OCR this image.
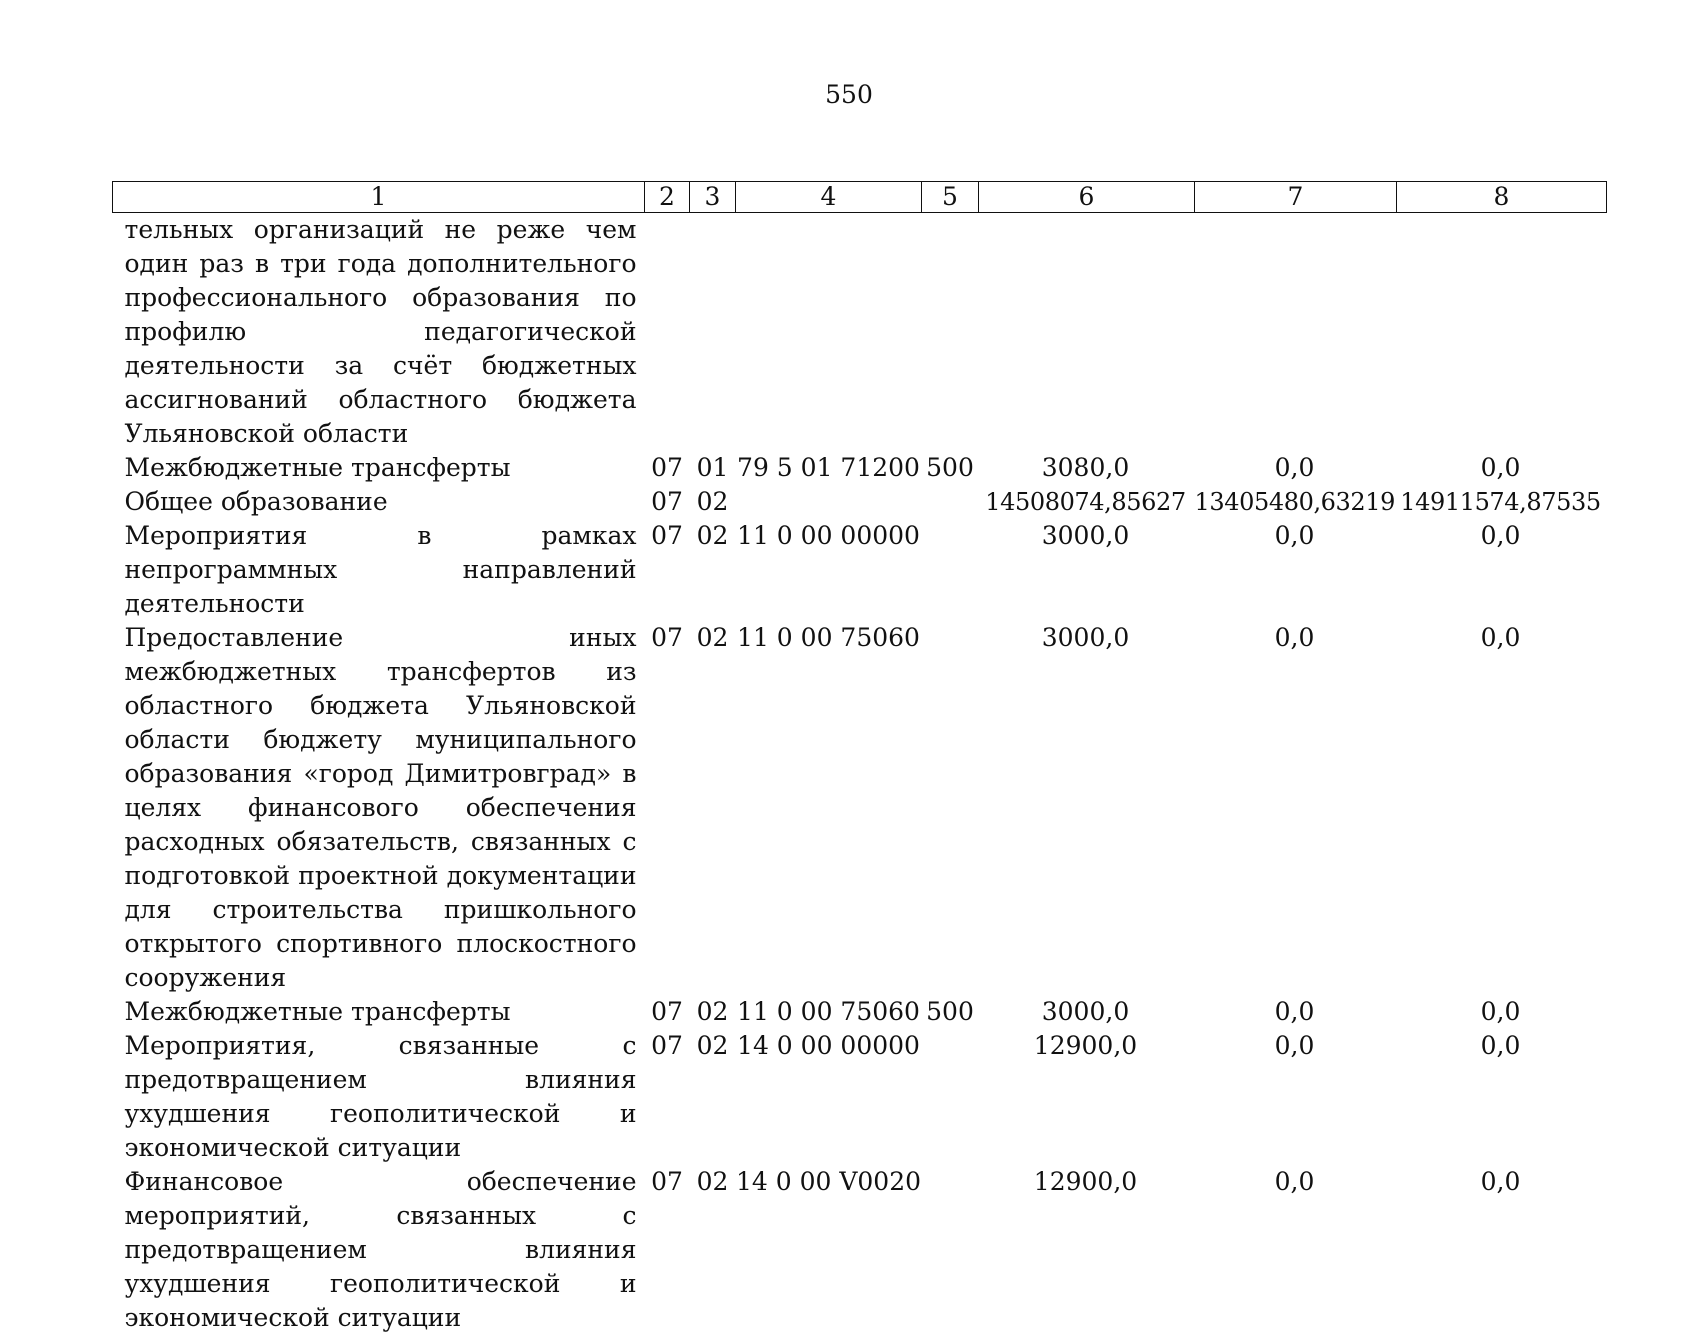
550
1	2	3	4	5	6	7	8
тельных организаций не реже чем один раз в три года дополнительного профессионального образования по профилю педагогической деятельности за счёт бюджетных ассигнований областного бюджета Ульяновской области							
Межбюджетные трансферты	07	01	79 5 01 71200	500	3080,0	0,0	0,0
Общее образование	07	02			14508074,85627	13405480,63219	14911574,87535
Мероприятия в рамках непрограммных направлений деятельности	07	02	11 0 00 00000		3000,0	0,0	0,0
Предоставление иных межбюджетных трансфертов из областного бюджета Ульяновской области бюджету муниципального образования «город Димитровград» в целях финансового обеспечения расходных обязательств, связанных с подготовкой проектной документации для строительства пришкольного открытого спортивного плоскостного сооружения	07	02	11 0 00 75060		3000,0	0,0	0,0
Межбюджетные трансферты	07	02	11 0 00 75060	500	3000,0	0,0	0,0
Мероприятия, связанные с предотвращением влияния ухудшения геополитической и экономической ситуации	07	02	14 0 00 00000		12900,0	0,0	0,0
Финансовое обеспечение мероприятий, связанных с предотвращением влияния ухудшения геополитической и экономической ситуации	07	02	14 0 00 V0020		12900,0	0,0	0,0
